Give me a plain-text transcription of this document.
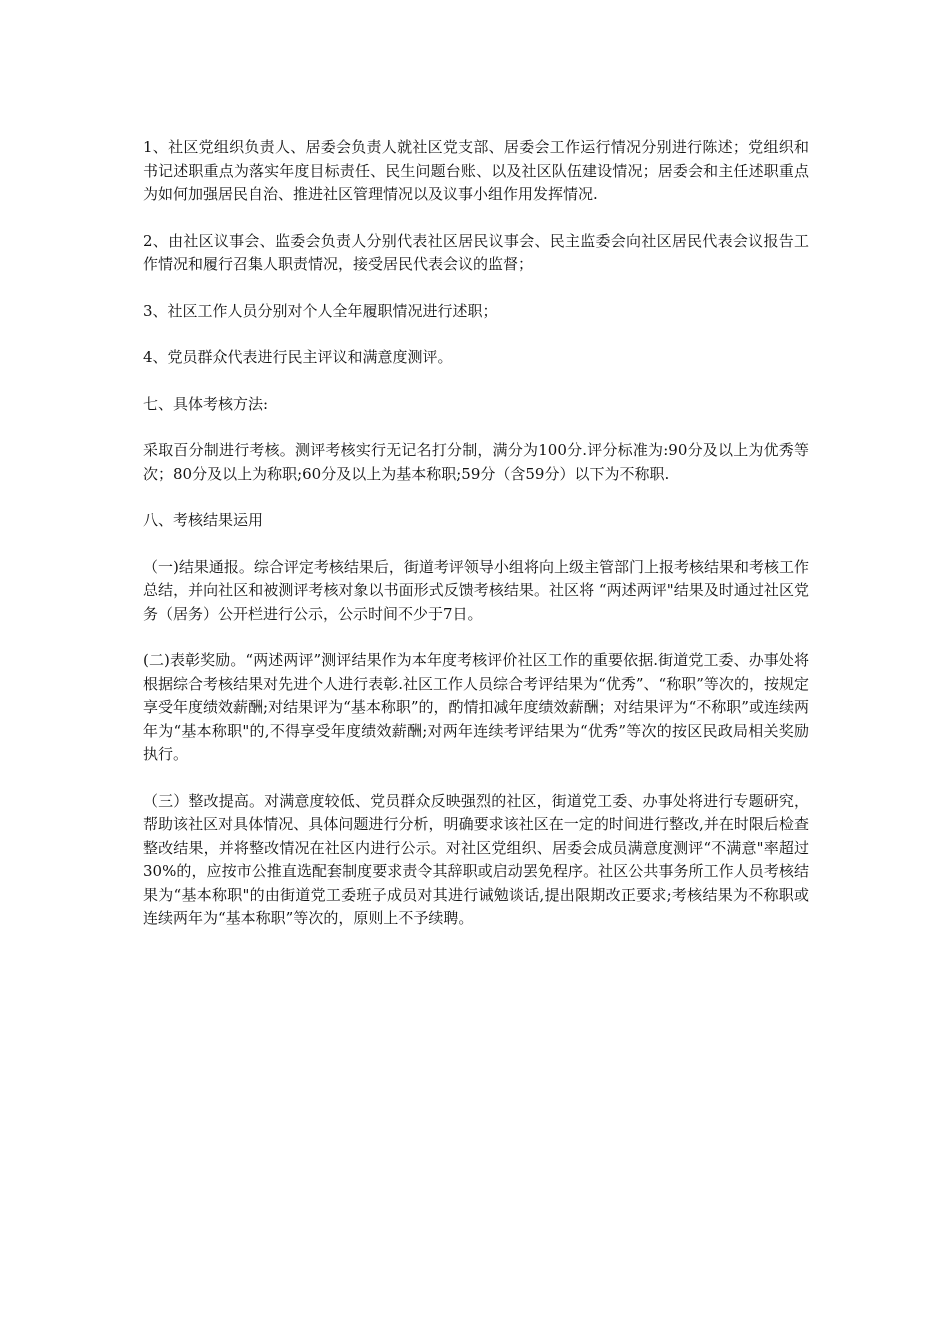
1、社区党组织负责人、居委会负责人就社区党支部、居委会工作运行情况分别进行陈述；党组织和书记述职重点为落实年度目标责任、民生问题台账、以及社区队伍建设情况；居委会和主任述职重点为如何加强居民自治、推进社区管理情况以及议事小组作用发挥情况.

2、由社区议事会、监委会负责人分别代表社区居民议事会、民主监委会向社区居民代表会议报告工作情况和履行召集人职责情况，接受居民代表会议的监督；

3、社区工作人员分别对个人全年履职情况进行述职；

4、党员群众代表进行民主评议和满意度测评。

七、具体考核方法:

采取百分制进行考核。测评考核实行无记名打分制，满分为100分.评分标准为:90分及以上为优秀等次；80分及以上为称职;60分及以上为基本称职;59分（含59分）以下为不称职.

八、考核结果运用

（一)结果通报。综合评定考核结果后，街道考评领导小组将向上级主管部门上报考核结果和考核工作总结，并向社区和被测评考核对象以书面形式反馈考核结果。社区将 “两述两评"结果及时通过社区党务（居务）公开栏进行公示，公示时间不少于7日。

(二)表彰奖励。“两述两评”测评结果作为本年度考核评价社区工作的重要依据.街道党工委、办事处将根据综合考核结果对先进个人进行表彰.社区工作人员综合考评结果为“优秀”、“称职”等次的，按规定享受年度绩效薪酬;对结果评为“基本称职”的，酌情扣减年度绩效薪酬；对结果评为“不称职”或连续两年为“基本称职"的,不得享受年度绩效薪酬;对两年连续考评结果为“优秀”等次的按区民政局相关奖励执行。

（三）整改提高。对满意度较低、党员群众反映强烈的社区，街道党工委、办事处将进行专题研究，帮助该社区对具体情况、具体问题进行分析，明确要求该社区在一定的时间进行整改,并在时限后检查整改结果，并将整改情况在社区内进行公示。对社区党组织、居委会成员满意度测评“不满意"率超过30%的，应按市公推直选配套制度要求责令其辞职或启动罢免程序。社区公共事务所工作人员考核结果为“基本称职"的由街道党工委班子成员对其进行诫勉谈话,提出限期改正要求;考核结果为不称职或连续两年为“基本称职”等次的，原则上不予续聘。
